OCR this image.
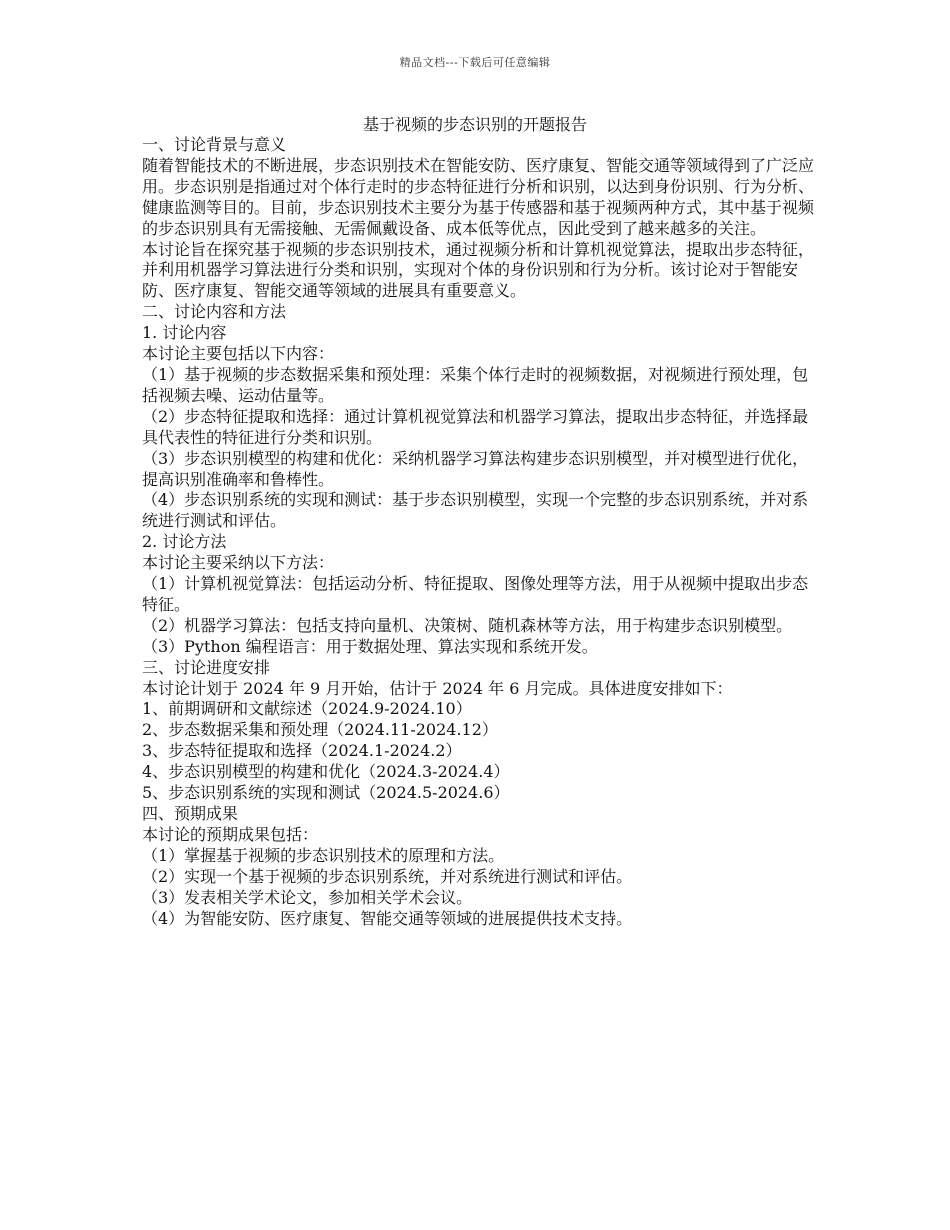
精品文档---下载后可任意编辑
基于视频的步态识别的开题报告

一、讨论背景与意义

随着智能技术的不断进展，步态识别技术在智能安防、医疗康复、智能交通等领域得到了广泛应用。步态识别是指通过对个体行走时的步态特征进行分析和识别，以达到身份识别、行为分析、健康监测等目的。目前，步态识别技术主要分为基于传感器和基于视频两种方式，其中基于视频的步态识别具有无需接触、无需佩戴设备、成本低等优点，因此受到了越来越多的关注。

本讨论旨在探究基于视频的步态识别技术，通过视频分析和计算机视觉算法，提取出步态特征，并利用机器学习算法进行分类和识别，实现对个体的身份识别和行为分析。该讨论对于智能安防、医疗康复、智能交通等领域的进展具有重要意义。

二、讨论内容和方法

1. 讨论内容

本讨论主要包括以下内容：

（1）基于视频的步态数据采集和预处理：采集个体行走时的视频数据，对视频进行预处理，包括视频去噪、运动估量等。

（2）步态特征提取和选择：通过计算机视觉算法和机器学习算法，提取出步态特征，并选择最具代表性的特征进行分类和识别。

（3）步态识别模型的构建和优化：采纳机器学习算法构建步态识别模型，并对模型进行优化，提高识别准确率和鲁棒性。

（4）步态识别系统的实现和测试：基于步态识别模型，实现一个完整的步态识别系统，并对系统进行测试和评估。

2. 讨论方法

本讨论主要采纳以下方法：

（1）计算机视觉算法：包括运动分析、特征提取、图像处理等方法，用于从视频中提取出步态特征。

（2）机器学习算法：包括支持向量机、决策树、随机森林等方法，用于构建步态识别模型。

（3）Python 编程语言：用于数据处理、算法实现和系统开发。

三、讨论进度安排

本讨论计划于 2024 年 9 月开始，估计于 2024 年 6 月完成。具体进度安排如下：

1、前期调研和文献综述（2024.9-2024.10）

2、步态数据采集和预处理（2024.11-2024.12）

3、步态特征提取和选择（2024.1-2024.2）

4、步态识别模型的构建和优化（2024.3-2024.4）

5、步态识别系统的实现和测试（2024.5-2024.6）

四、预期成果

本讨论的预期成果包括：

（1）掌握基于视频的步态识别技术的原理和方法。

（2）实现一个基于视频的步态识别系统，并对系统进行测试和评估。

（3）发表相关学术论文，参加相关学术会议。

（4）为智能安防、医疗康复、智能交通等领域的进展提供技术支持。
